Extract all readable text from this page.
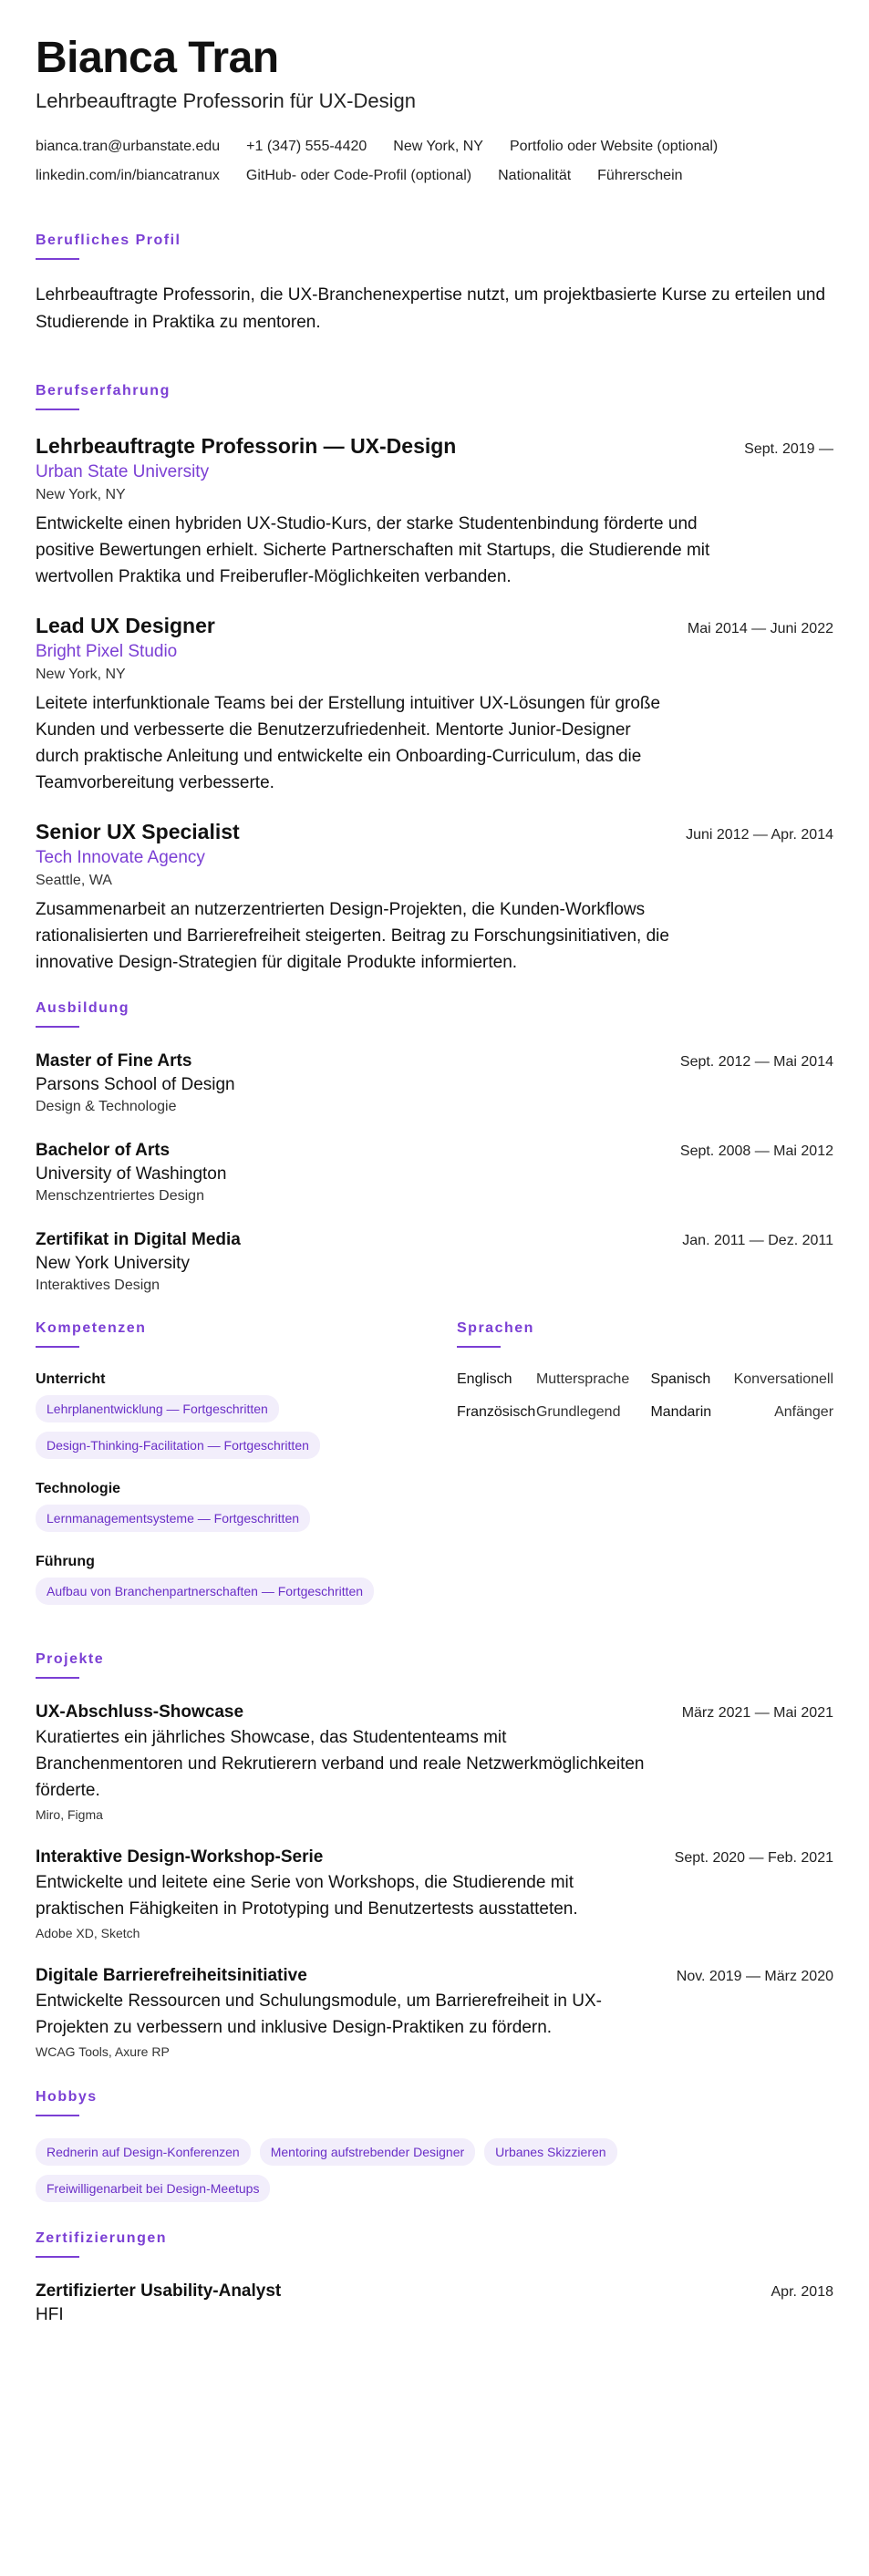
Bianca Tran
Lehrbeauftragte Professorin für UX-Design
bianca.tran@urbanstate.edu +1 (347) 555-4420 New York, NY Portfolio oder Website (optional)
linkedin.com/in/biancatranux GitHub- oder Code-Profil (optional) Nationalität Führerschein
Berufliches Profil
Lehrbeauftragte Professorin, die UX-Branchenexpertise nutzt, um projektbasierte Kurse zu erteilen und Studierende in Praktika zu mentoren.
Berufserfahrung
Lehrbeauftragte Professorin — UX-Design	Sept. 2019 —
Urban State University
New York, NY
Entwickelte einen hybriden UX-Studio-Kurs, der starke Studentenbindung förderte und positive Bewertungen erhielt. Sicherte Partnerschaften mit Startups, die Studierende mit wertvollen Praktika und Freiberufler-Möglichkeiten verbanden.
Lead UX Designer	Mai 2014 — Juni 2022
Bright Pixel Studio
New York, NY
Leitete interfunktionale Teams bei der Erstellung intuitiver UX-Lösungen für große Kunden und verbesserte die Benutzerzufriedenheit. Mentorte Junior-Designer durch praktische Anleitung und entwickelte ein Onboarding-Curriculum, das die Teamvorbereitung verbesserte.
Senior UX Specialist	Juni 2012 — Apr. 2014
Tech Innovate Agency
Seattle, WA
Zusammenarbeit an nutzerzentrierten Design-Projekten, die Kunden-Workflows rationalisierten und Barrierefreiheit steigerten. Beitrag zu Forschungsinitiativen, die innovative Design-Strategien für digitale Produkte informierten.
Ausbildung
Master of Fine Arts	Sept. 2012 — Mai 2014
Parsons School of Design
Design & Technologie
Bachelor of Arts	Sept. 2008 — Mai 2012
University of Washington
Menschzentriertes Design
Zertifikat in Digital Media	Jan. 2011 — Dez. 2011
New York University
Interaktives Design
Kompetenzen
Unterricht
Lehrplanentwicklung — Fortgeschritten
Design-Thinking-Facilitation — Fortgeschritten
Technologie
Lernmanagementsysteme — Fortgeschritten
Führung
Aufbau von Branchenpartnerschaften — Fortgeschritten
Sprachen
Englisch	Muttersprache	Spanisch	Konversationell
Französisch Grundlegend	Mandarin	Anfänger
Projekte
UX-Abschluss-Showcase	März 2021 — Mai 2021
Kuratiertes ein jährliches Showcase, das Studententeams mit Branchenmentoren und Rekrutierern verband und reale Netzwerkmöglichkeiten förderte.
Miro, Figma
Interaktive Design-Workshop-Serie	Sept. 2020 — Feb. 2021
Entwickelte und leitete eine Serie von Workshops, die Studierende mit praktischen Fähigkeiten in Prototyping und Benutzertests ausstatteten.
Adobe XD, Sketch
Digitale Barrierefreiheitsinitiative	Nov. 2019 — März 2020
Entwickelte Ressourcen und Schulungsmodule, um Barrierefreiheit in UX-Projekten zu verbessern und inklusive Design-Praktiken zu fördern.
WCAG Tools, Axure RP
Hobbys
Rednerin auf Design-Konferenzen	Mentoring aufstrebender Designer	Urbanes Skizzieren
Freiwilligenarbeit bei Design-Meetups
Zertifizierungen
Zertifizierter Usability-Analyst	Apr. 2018
HFI
